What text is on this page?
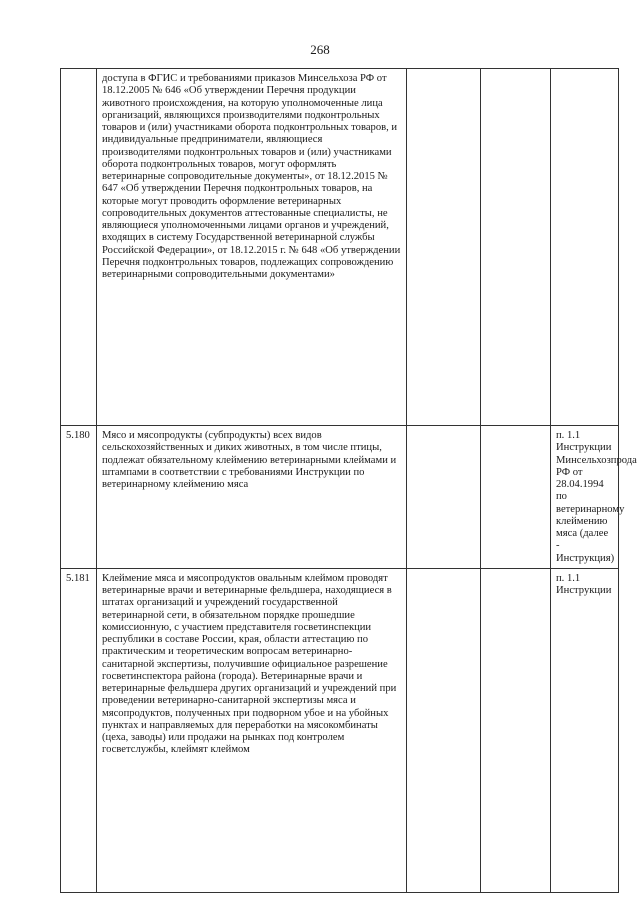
268
	доступа в ФГИС и требованиями приказов Минсельхоза РФ от 18.12.2005 № 646 «Об утверждении Перечня продукции животного происхождения, на которую уполномоченные лица организаций, являющихся производителями подконтрольных товаров и (или) участниками оборота подконтрольных товаров, и индивидуальные предприниматели, являющиеся производителями подконтрольных товаров и (или) участниками оборота подконтрольных товаров, могут оформлять ветеринарные сопроводительные документы», от 18.12.2015 № 647 «Об утверждении Перечня подконтрольных товаров, на которые могут проводить оформление ветеринарных сопроводительных документов аттестованные специалисты, не являющиеся уполномоченными лицами органов и учреждений, входящих в систему Государственной ветеринарной службы Российской Федерации», от 18.12.2015 г. № 648 «Об утверждении Перечня подконтрольных товаров, подлежащих сопровождению ветеринарными сопроводительными документами»			
5.180	Мясо и мясопродукты (субпродукты) всех видов сельскохозяйственных и диких животных, в том числе птицы, подлежат обязательному клеймению ветеринарными клеймами и штампами в соответствии с требованиями Инструкции по ветеринарному клеймению мяса			п. 1.1 Инструкции Минсельхозпрода РФ от 28.04.1994 по ветеринарному клеймению мяса (далее - Инструкция)
5.181	Клеймение мяса и мясопродуктов овальным клеймом проводят ветеринарные врачи и ветеринарные фельдшера, находящиеся в штатах организаций и учреждений государственной ветеринарной сети, в обязательном порядке прошедшие комиссионную, с участием представителя госветинспекции республики в составе России, края, области аттестацию по практическим и теоретическим вопросам ветеринарно-санитарной экспертизы, получившие официальное разрешение госветинспектора района (города). Ветеринарные врачи и ветеринарные фельдшера других организаций и учреждений при проведении ветеринарно-санитарной экспертизы мяса и мясопродуктов, полученных при подворном убое и на убойных пунктах и направляемых для переработки на мясокомбинаты (цеха, заводы) или продажи на рынках под контролем госветслужбы, клеймят клеймом			п. 1.1 Инструкции
